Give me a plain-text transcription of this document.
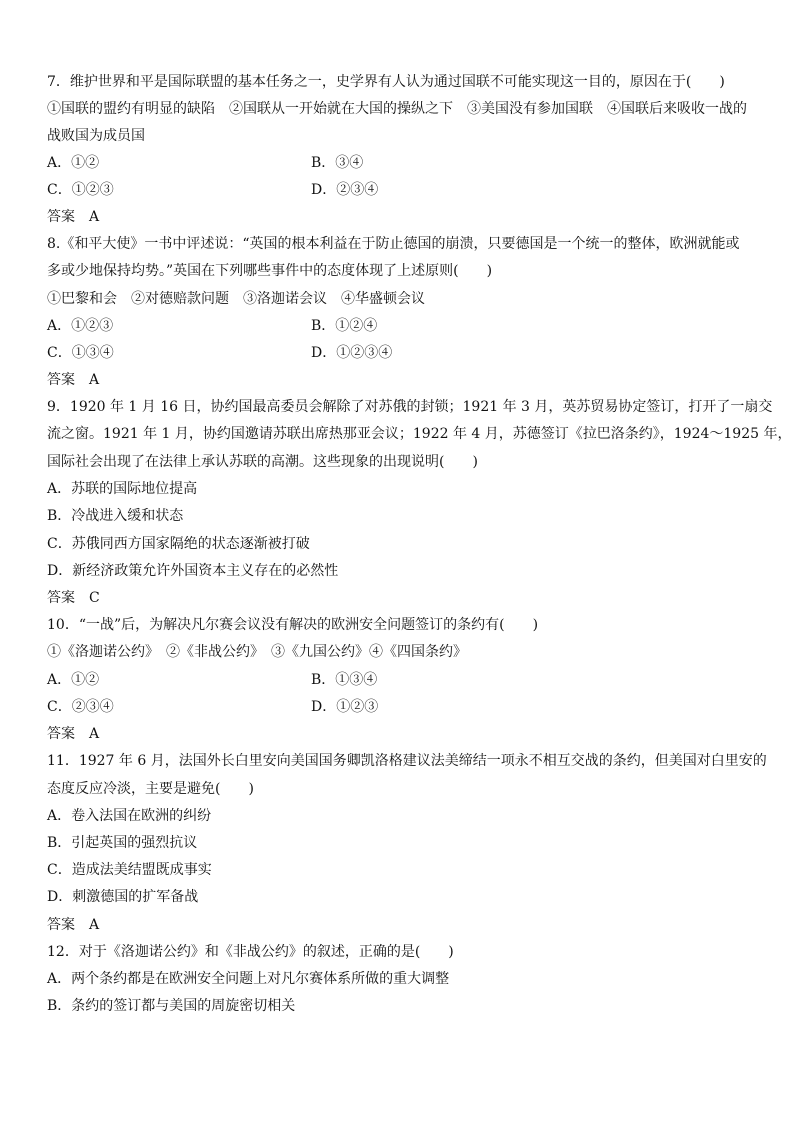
7．维护世界和平是国际联盟的基本任务之一，史学界有人认为通过国联不可能实现这一目的，原因在于(　　)
①国联的盟约有明显的缺陷　②国联从一开始就在大国的操纵之下　③美国没有参加国联　④国联后来吸收一战的
战败国为成员国
A．①②	B．③④
C．①②③	D．②③④
答案　A
8.《和平大使》一书中评述说：“英国的根本利益在于防止德国的崩溃，只要德国是一个统一的整体，欧洲就能或
多或少地保持均势。”英国在下列哪些事件中的态度体现了上述原则(　　)
①巴黎和会　②对德赔款问题　③洛迦诺会议　④华盛顿会议
A．①②③	B．①②④
C．①③④	D．①②③④
答案　A
9．1920 年 1 月 16 日，协约国最高委员会解除了对苏俄的封锁；1921 年 3 月，英苏贸易协定签订，打开了一扇交
流之窗。1921 年 1 月，协约国邀请苏联出席热那亚会议；1922 年 4 月，苏德签订《拉巴洛条约》，1924～1925 年，
国际社会出现了在法律上承认苏联的高潮。这些现象的出现说明(　　)
A．苏联的国际地位提高
B．冷战进入缓和状态
C．苏俄同西方国家隔绝的状态逐渐被打破
D．新经济政策允许外国资本主义存在的必然性
答案　C
10．“一战”后，为解决凡尔赛会议没有解决的欧洲安全问题签订的条约有(　　)
①《洛迦诺公约》　②《非战公约》　③《九国公约》④《四国条约》
A．①②	B．①③④
C．②③④	D．①②③
答案　A
11．1927 年 6 月，法国外长白里安向美国国务卿凯洛格建议法美缔结一项永不相互交战的条约，但美国对白里安的
态度反应冷淡，主要是避免(　　)
A．卷入法国在欧洲的纠纷
B．引起英国的强烈抗议
C．造成法美结盟既成事实
D．刺激德国的扩军备战
答案　A
12．对于《洛迦诺公约》和《非战公约》的叙述，正确的是(　　)
A．两个条约都是在欧洲安全问题上对凡尔赛体系所做的重大调整
B．条约的签订都与美国的周旋密切相关
